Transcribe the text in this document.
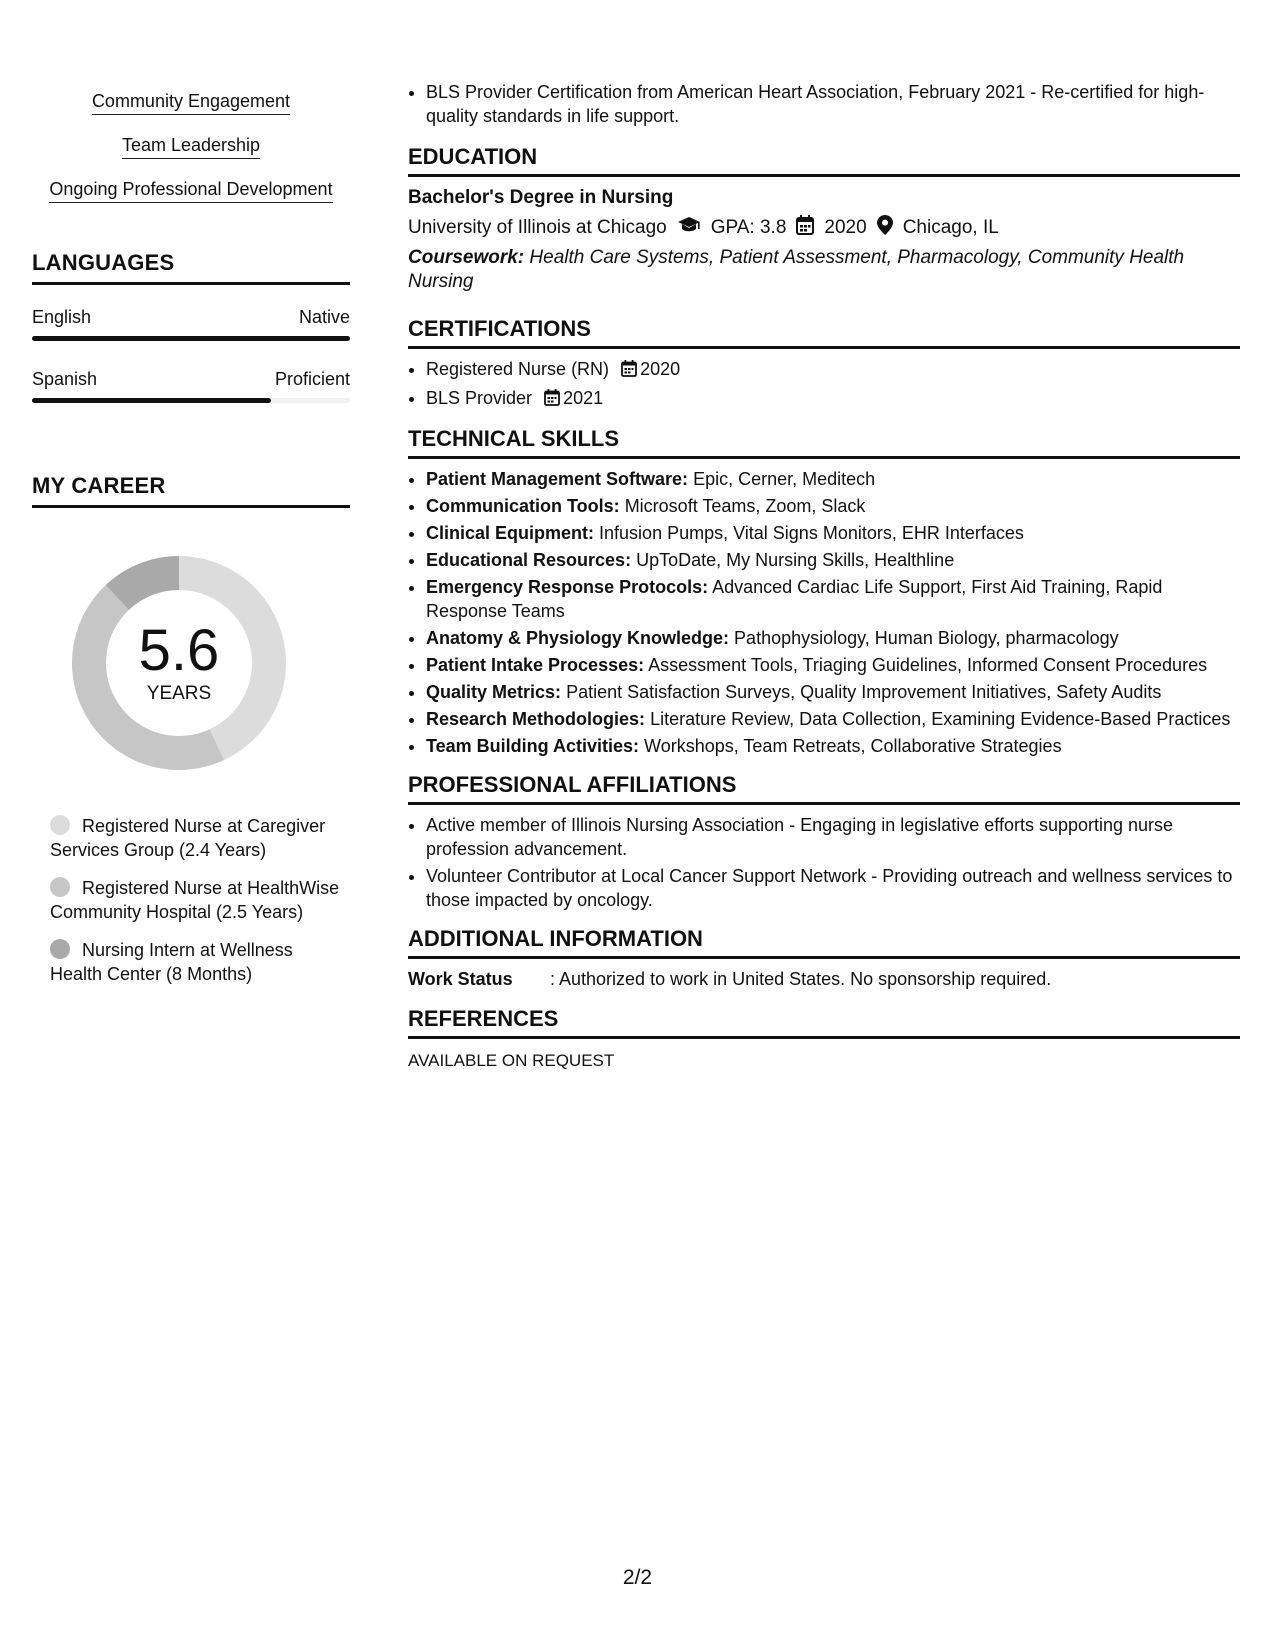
Community Engagement
Team Leadership
Ongoing Professional Development
LANGUAGES
English	Native
Spanish	Proficient
MY CAREER
5.6
YEARS
Registered Nurse at Caregiver Services Group (2.4 Years)
Registered Nurse at HealthWise Community Hospital (2.5 Years)
Nursing Intern at Wellness Health Center (8 Months)
• BLS Provider Certification from American Heart Association, February 2021 - Re-certified for high-quality standards in life support.
EDUCATION
Bachelor's Degree in Nursing
University of Illinois at Chicago GPA: 3.8 2020 Chicago, IL
Coursework: Health Care Systems, Patient Assessment, Pharmacology, Community Health Nursing
CERTIFICATIONS
• Registered Nurse (RN) 2020
• BLS Provider 2021
TECHNICAL SKILLS
• Patient Management Software: Epic, Cerner, Meditech
• Communication Tools: Microsoft Teams, Zoom, Slack
• Clinical Equipment: Infusion Pumps, Vital Signs Monitors, EHR Interfaces
• Educational Resources: UpToDate, My Nursing Skills, Healthline
• Emergency Response Protocols: Advanced Cardiac Life Support, First Aid Training, Rapid Response Teams
• Anatomy & Physiology Knowledge: Pathophysiology, Human Biology, pharmacology
• Patient Intake Processes: Assessment Tools, Triaging Guidelines, Informed Consent Procedures
• Quality Metrics: Patient Satisfaction Surveys, Quality Improvement Initiatives, Safety Audits
• Research Methodologies: Literature Review, Data Collection, Examining Evidence-Based Practices
• Team Building Activities: Workshops, Team Retreats, Collaborative Strategies
PROFESSIONAL AFFILIATIONS
• Active member of Illinois Nursing Association - Engaging in legislative efforts supporting nurse profession advancement.
• Volunteer Contributor at Local Cancer Support Network - Providing outreach and wellness services to those impacted by oncology.
ADDITIONAL INFORMATION
Work Status	: Authorized to work in United States. No sponsorship required.
REFERENCES
AVAILABLE ON REQUEST
2/2
